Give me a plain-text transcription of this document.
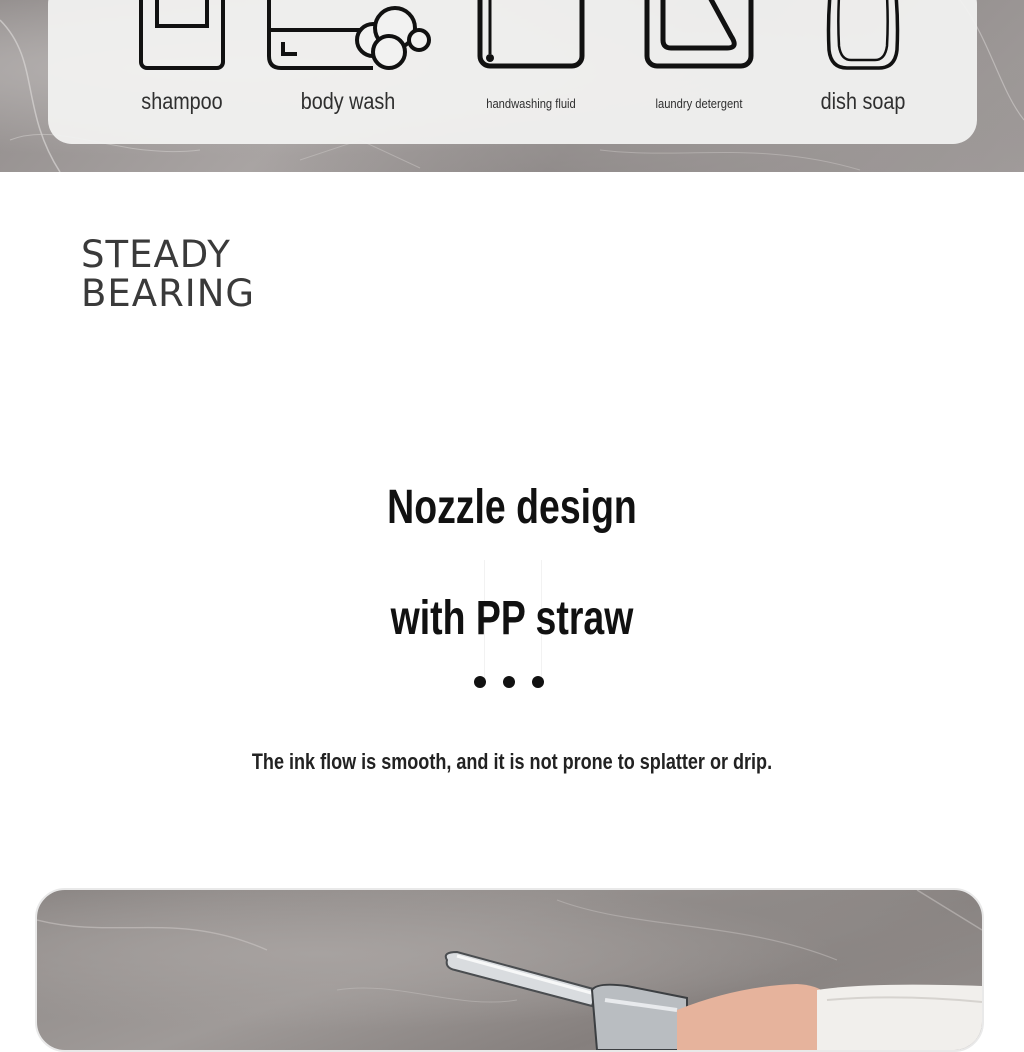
shampoo	body wash	handwashing fluid	laundry detergent	dish soap
STEADY
BEARING
Nozzle design
with PP straw

The ink flow is smooth, and it is not prone to splatter or drip.
